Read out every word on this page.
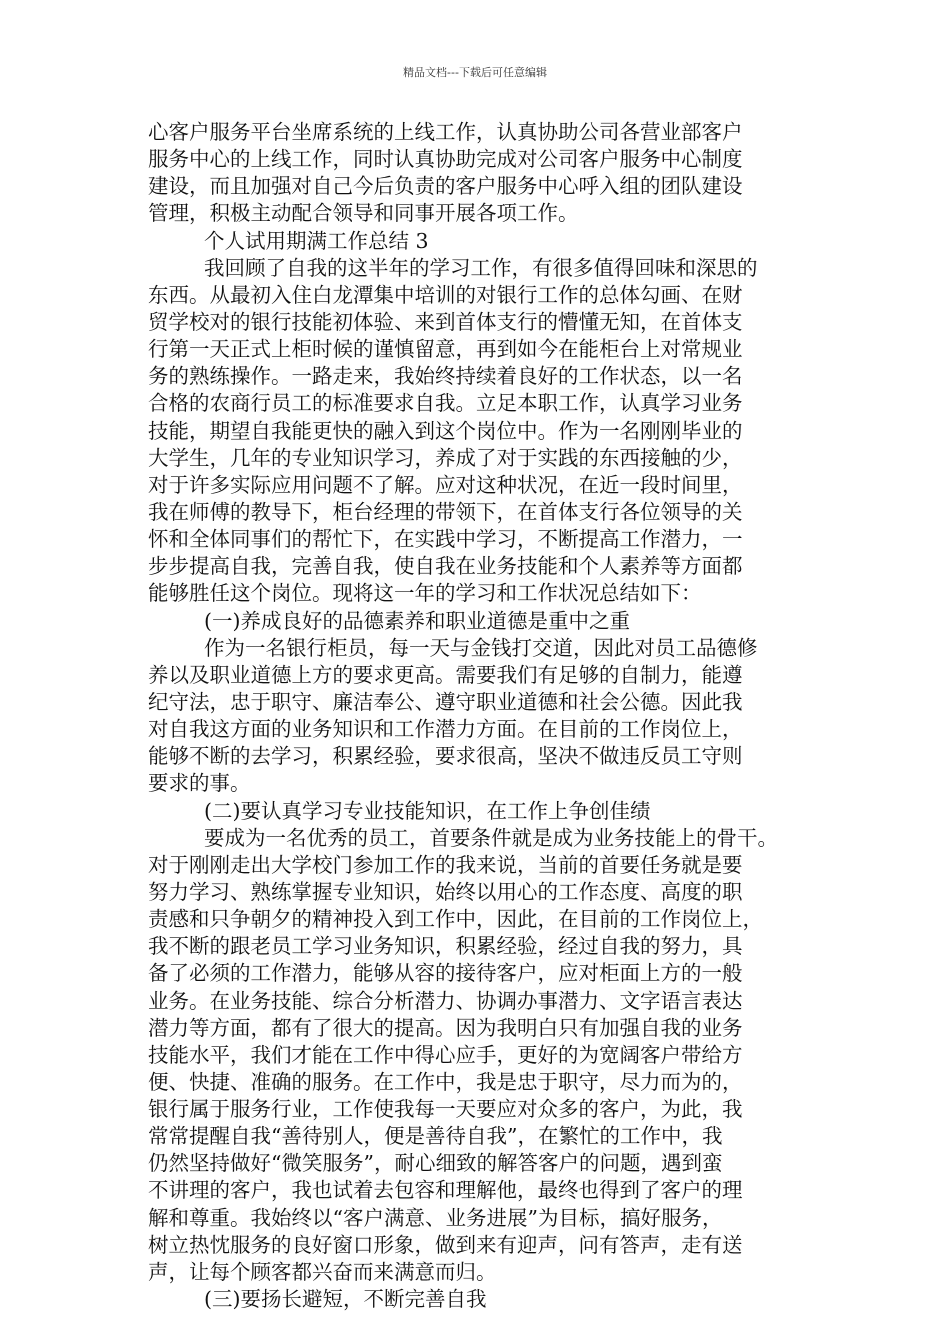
精品文档---下载后可任意编辑
心客户服务平台坐席系统的上线工作，认真协助公司各营业部客户
服务中心的上线工作，同时认真协助完成对公司客户服务中心制度
建设，而且加强对自己今后负责的客户服务中心呼入组的团队建设
管理，积极主动配合领导和同事开展各项工作。
个人试用期满工作总结 3
我回顾了自我的这半年的学习工作，有很多值得回味和深思的
东西。从最初入住白龙潭集中培训的对银行工作的总体勾画、在财
贸学校对的银行技能初体验、来到首体支行的懵懂无知，在首体支
行第一天正式上柜时候的谨慎留意，再到如今在能柜台上对常规业
务的熟练操作。一路走来，我始终持续着良好的工作状态，以一名
合格的农商行员工的标准要求自我。立足本职工作，认真学习业务
技能，期望自我能更快的融入到这个岗位中。作为一名刚刚毕业的
大学生，几年的专业知识学习，养成了对于实践的东西接触的少，
对于许多实际应用问题不了解。应对这种状况，在近一段时间里，
我在师傅的教导下，柜台经理的带领下，在首体支行各位领导的关
怀和全体同事们的帮忙下，在实践中学习，不断提高工作潜力，一
步步提高自我，完善自我，使自我在业务技能和个人素养等方面都
能够胜任这个岗位。现将这一年的学习和工作状况总结如下：
(一)养成良好的品德素养和职业道德是重中之重
作为一名银行柜员，每一天与金钱打交道，因此对员工品德修
养以及职业道德上方的要求更高。需要我们有足够的自制力，能遵
纪守法，忠于职守、廉洁奉公、遵守职业道德和社会公德。因此我
对自我这方面的业务知识和工作潜力方面。在目前的工作岗位上，
能够不断的去学习，积累经验，要求很高，坚决不做违反员工守则
要求的事。
(二)要认真学习专业技能知识，在工作上争创佳绩
要成为一名优秀的员工，首要条件就是成为业务技能上的骨干。
对于刚刚走出大学校门参加工作的我来说，当前的首要任务就是要
努力学习、熟练掌握专业知识，始终以用心的工作态度、高度的职
责感和只争朝夕的精神投入到工作中，因此，在目前的工作岗位上，
我不断的跟老员工学习业务知识，积累经验，经过自我的努力，具
备了必须的工作潜力，能够从容的接待客户，应对柜面上方的一般
业务。在业务技能、综合分析潜力、协调办事潜力、文字语言表达
潜力等方面，都有了很大的提高。因为我明白只有加强自我的业务
技能水平，我们才能在工作中得心应手，更好的为宽阔客户带给方
便、快捷、准确的服务。在工作中，我是忠于职守，尽力而为的，
银行属于服务行业，工作使我每一天要应对众多的客户，为此，我
常常提醒自我“善待别人，便是善待自我”，在繁忙的工作中，我
仍然坚持做好“微笑服务”，耐心细致的解答客户的问题，遇到蛮
不讲理的客户，我也试着去包容和理解他，最终也得到了客户的理
解和尊重。我始终以“客户满意、业务进展”为目标，搞好服务，
树立热忱服务的良好窗口形象，做到来有迎声，问有答声，走有送
声，让每个顾客都兴奋而来满意而归。
(三)要扬长避短，不断完善自我
